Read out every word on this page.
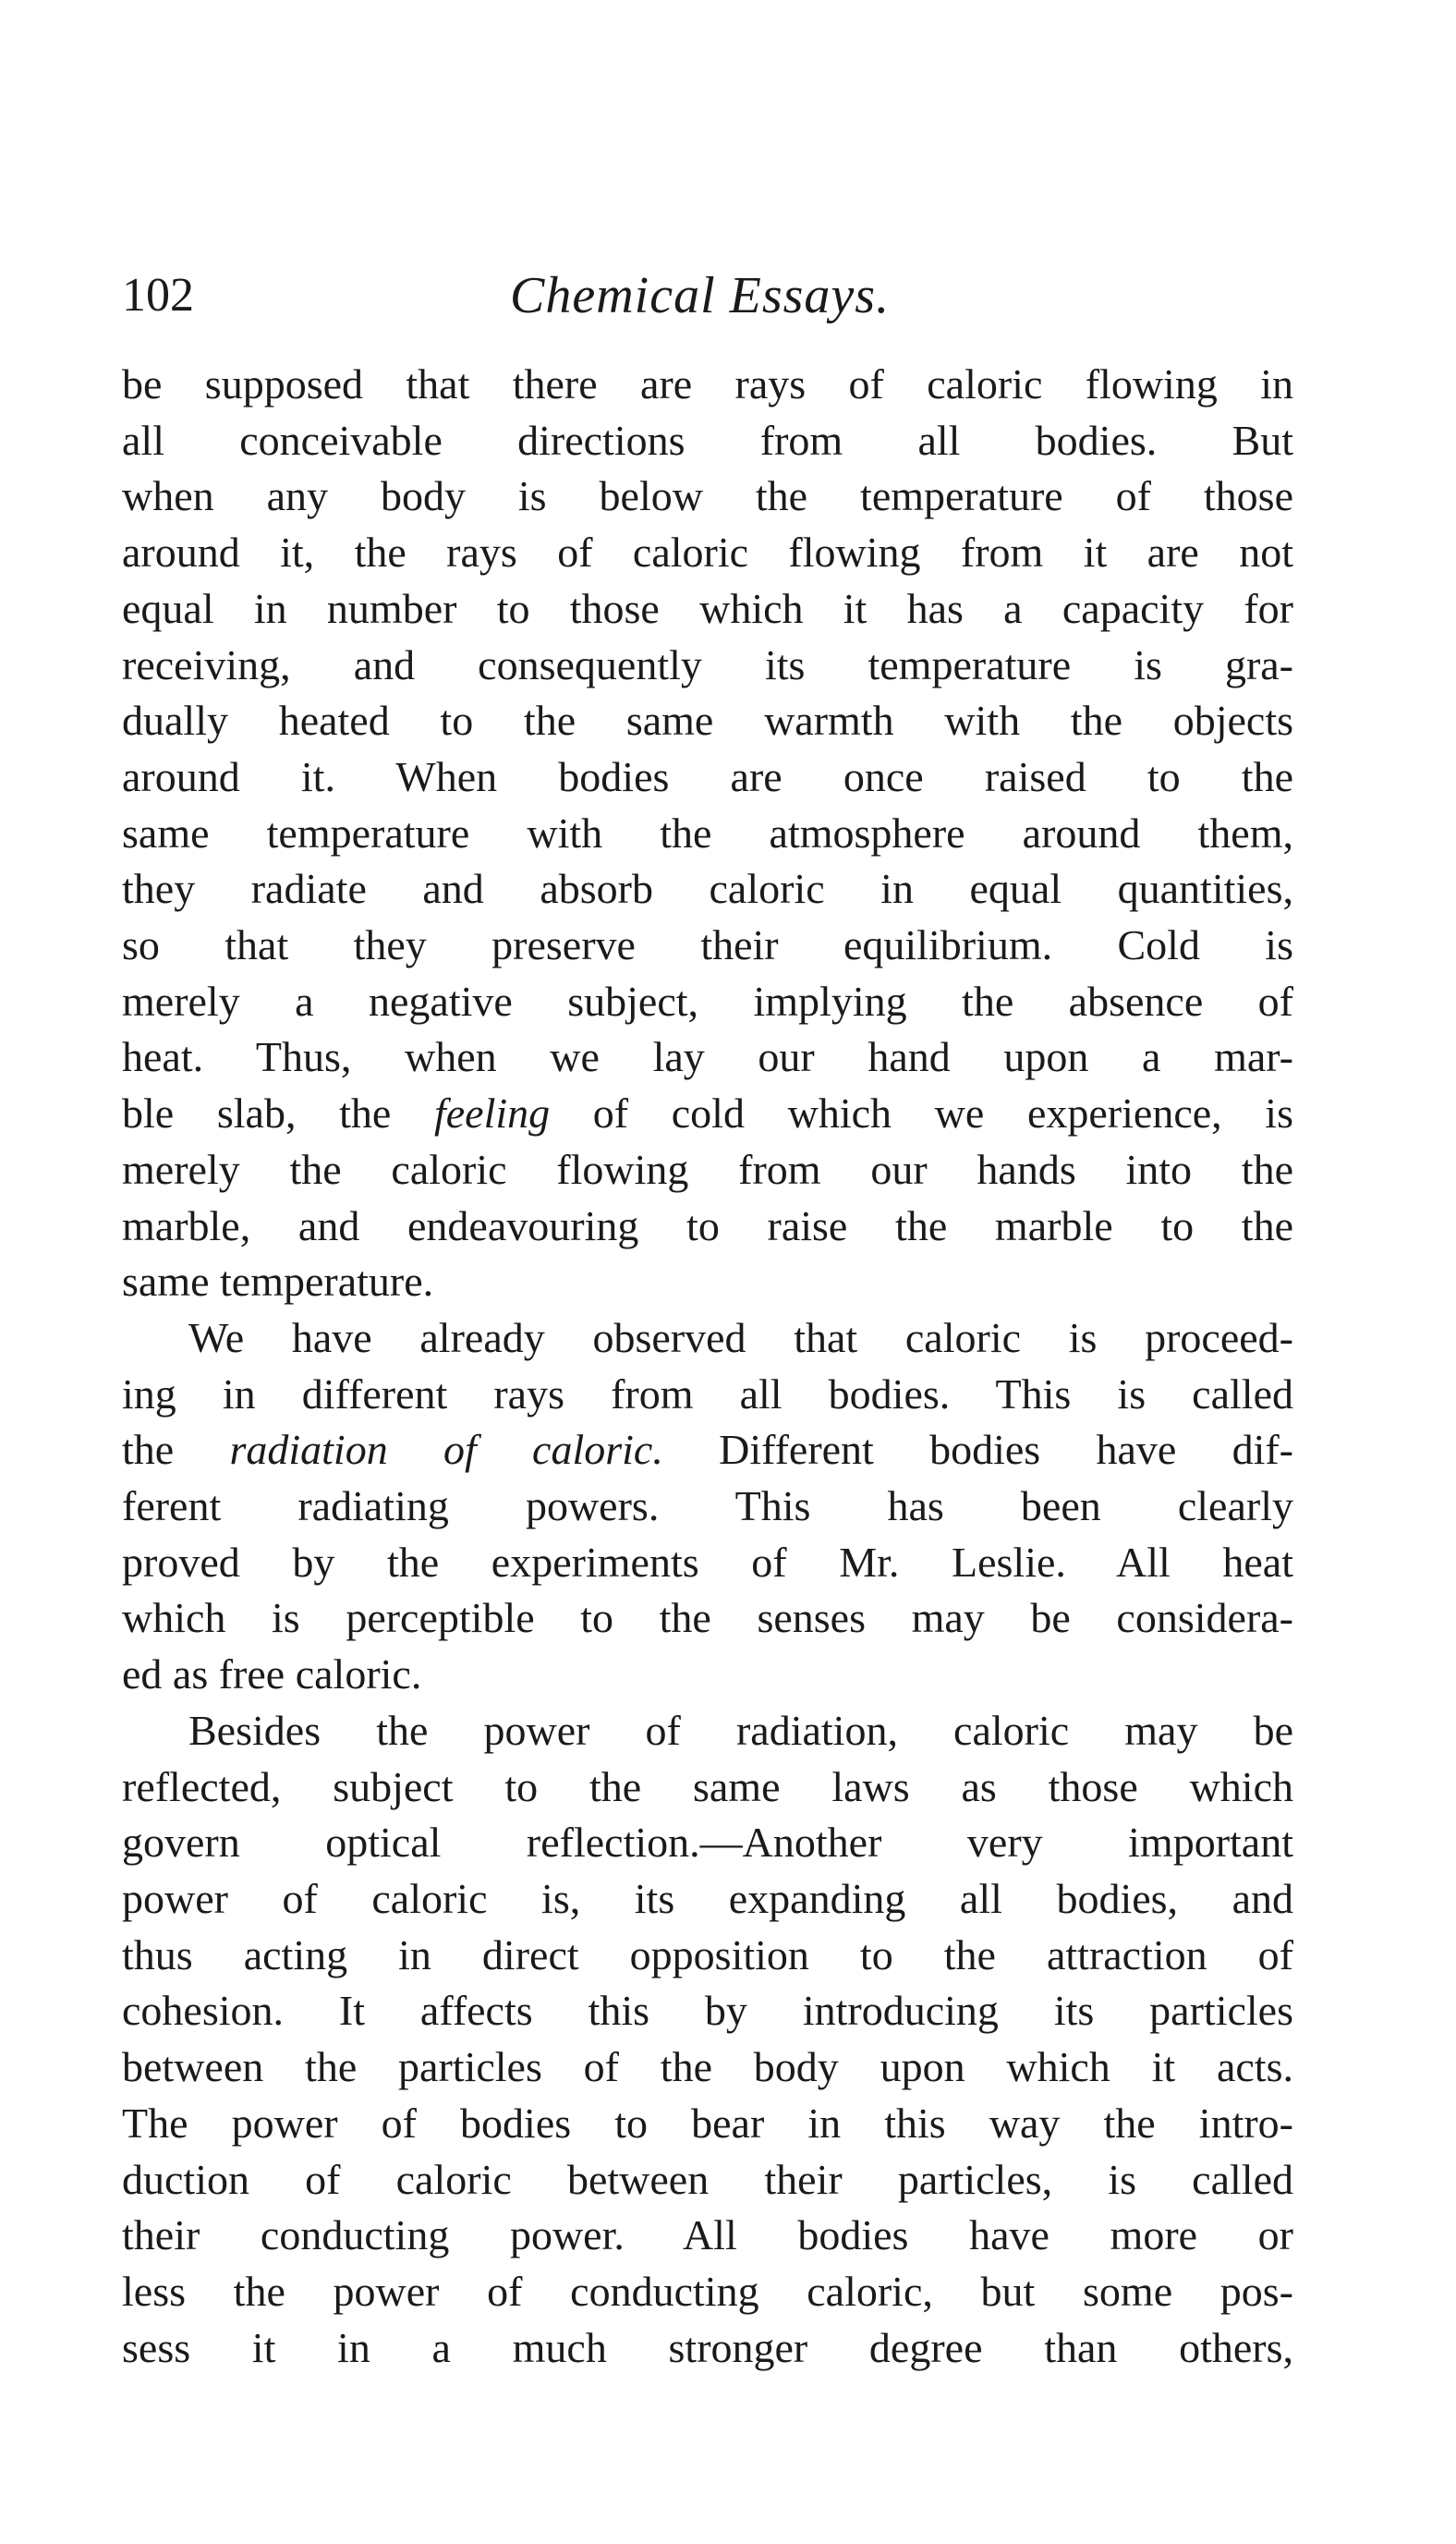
102	Chemical Essays.
be supposed that there are rays of caloric flowing in
all conceivable directions from all bodies. But
when any body is below the temperature of those
around it, the rays of caloric flowing from it are not
equal in number to those which it has a capacity for
receiving, and consequently its temperature is gra-
dually heated to the same warmth with the objects
around it. When bodies are once raised to the
same temperature with the atmosphere around them,
they radiate and absorb caloric in equal quantities,
so that they preserve their equilibrium. Cold is
merely a negative subject, implying the absence of
heat. Thus, when we lay our hand upon a mar-
ble slab, the feeling of cold which we experience, is
merely the caloric flowing from our hands into the
marble, and endeavouring to raise the marble to the
same temperature.
We have already observed that caloric is proceed-
ing in different rays from all bodies. This is called
the radiation of caloric. Different bodies have dif-
ferent radiating powers. This has been clearly
proved by the experiments of Mr. Leslie. All heat
which is perceptible to the senses may be considera-
ed as free caloric.
Besides the power of radiation, caloric may be
reflected, subject to the same laws as those which
govern optical reflection.—Another very important
power of caloric is, its expanding all bodies, and
thus acting in direct opposition to the attraction of
cohesion. It affects this by introducing its particles
between the particles of the body upon which it acts.
The power of bodies to bear in this way the intro-
duction of caloric between their particles, is called
their conducting power. All bodies have more or
less the power of conducting caloric, but some pos-
sess it in a much stronger degree than others,
